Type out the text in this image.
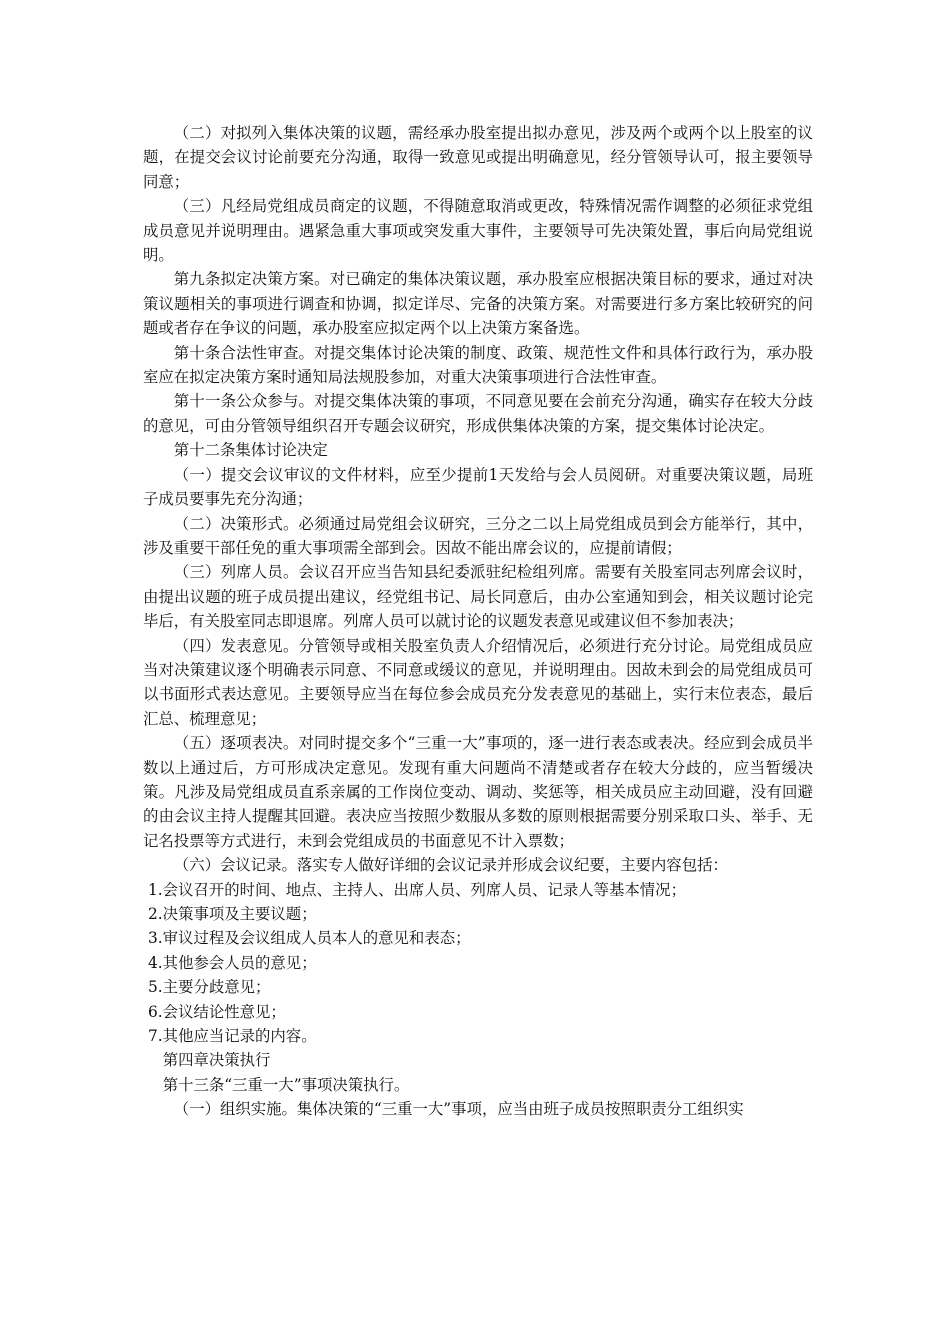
（二）对拟列入集体决策的议题，需经承办股室提出拟办意见，涉及两个或两个以上股室的议题，在提交会议讨论前要充分沟通，取得一致意见或提出明确意见，经分管领导认可，报主要领导同意；

（三）凡经局党组成员商定的议题，不得随意取消或更改，特殊情况需作调整的必须征求党组成员意见并说明理由。遇紧急重大事项或突发重大事件，主要领导可先决策处置，事后向局党组说明。

第九条拟定决策方案。对已确定的集体决策议题，承办股室应根据决策目标的要求，通过对决策议题相关的事项进行调查和协调，拟定详尽、完备的决策方案。对需要进行多方案比较研究的问题或者存在争议的问题，承办股室应拟定两个以上决策方案备选。

第十条合法性审查。对提交集体讨论决策的制度、政策、规范性文件和具体行政行为，承办股室应在拟定决策方案时通知局法规股参加，对重大决策事项进行合法性审查。

第十一条公众参与。对提交集体决策的事项，不同意见要在会前充分沟通，确实存在较大分歧的意见，可由分管领导组织召开专题会议研究，形成供集体决策的方案，提交集体讨论决定。

第十二条集体讨论决定

（一）提交会议审议的文件材料，应至少提前1天发给与会人员阅研。对重要决策议题，局班子成员要事先充分沟通；

（二）决策形式。必须通过局党组会议研究，三分之二以上局党组成员到会方能举行，其中，涉及重要干部任免的重大事项需全部到会。因故不能出席会议的，应提前请假；

（三）列席人员。会议召开应当告知县纪委派驻纪检组列席。需要有关股室同志列席会议时，由提出议题的班子成员提出建议，经党组书记、局长同意后，由办公室通知到会，相关议题讨论完毕后，有关股室同志即退席。列席人员可以就讨论的议题发表意见或建议但不参加表决；

（四）发表意见。分管领导或相关股室负责人介绍情况后，必须进行充分讨论。局党组成员应当对决策建议逐个明确表示同意、不同意或缓议的意见，并说明理由。因故未到会的局党组成员可以书面形式表达意见。主要领导应当在每位参会成员充分发表意见的基础上，实行末位表态，最后汇总、梳理意见；

（五）逐项表决。对同时提交多个“三重一大”事项的，逐一进行表态或表决。经应到会成员半数以上通过后，方可形成决定意见。发现有重大问题尚不清楚或者存在较大分歧的，应当暂缓决策。凡涉及局党组成员直系亲属的工作岗位变动、调动、奖惩等，相关成员应主动回避，没有回避的由会议主持人提醒其回避。表决应当按照少数服从多数的原则根据需要分别采取口头、举手、无记名投票等方式进行，未到会党组成员的书面意见不计入票数；

（六）会议记录。落实专人做好详细的会议记录并形成会议纪要，主要内容包括：

1.会议召开的时间、地点、主持人、出席人员、列席人员、记录人等基本情况；

2.决策事项及主要议题；

3.审议过程及会议组成人员本人的意见和表态；

4.其他参会人员的意见；

5.主要分歧意见；

6.会议结论性意见；

7.其他应当记录的内容。

第四章决策执行

第十三条“三重一大”事项决策执行。

（一）组织实施。集体决策的“三重一大”事项，应当由班子成员按照职责分工组织实
